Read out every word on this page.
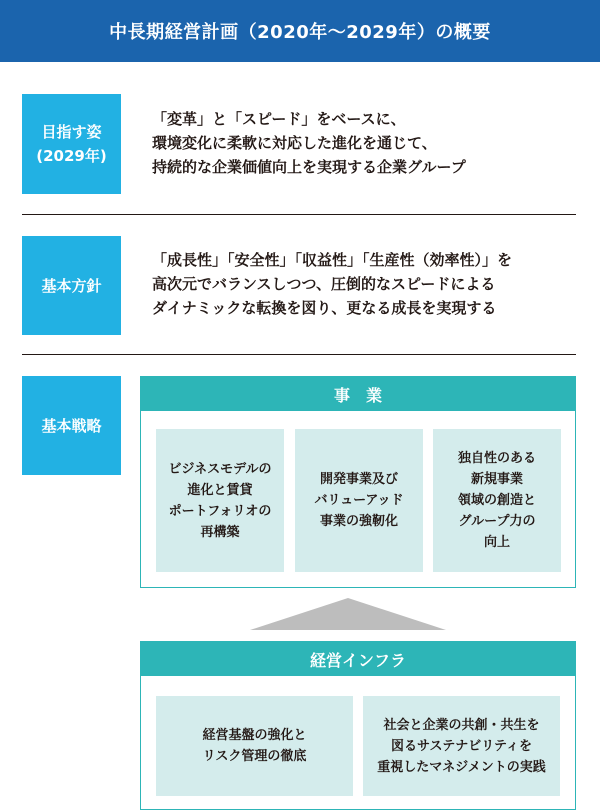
中長期経営計画（2020年〜2029年）の概要
目指す姿
(2029年)
「変革」と「スピード」をベースに、
環境変化に柔軟に対応した進化を通じて、
持続的な企業価値向上を実現する企業グループ
基本方針
「成長性」「安全性」「収益性」「生産性（効率性）」を
高次元でバランスしつつ、圧倒的なスピードによる
ダイナミックな転換を図り、更なる成長を実現する
基本戦略
事　業
ビジネスモデルの
進化と賃貸
ポートフォリオの
再構築
開発事業及び
バリューアッド
事業の強靭化
独自性のある
新規事業
領域の創造と
グループ力の
向上
経営インフラ
経営基盤の強化と
リスク管理の徹底
社会と企業の共創・共生を
図るサステナビリティを
重視したマネジメントの実践
